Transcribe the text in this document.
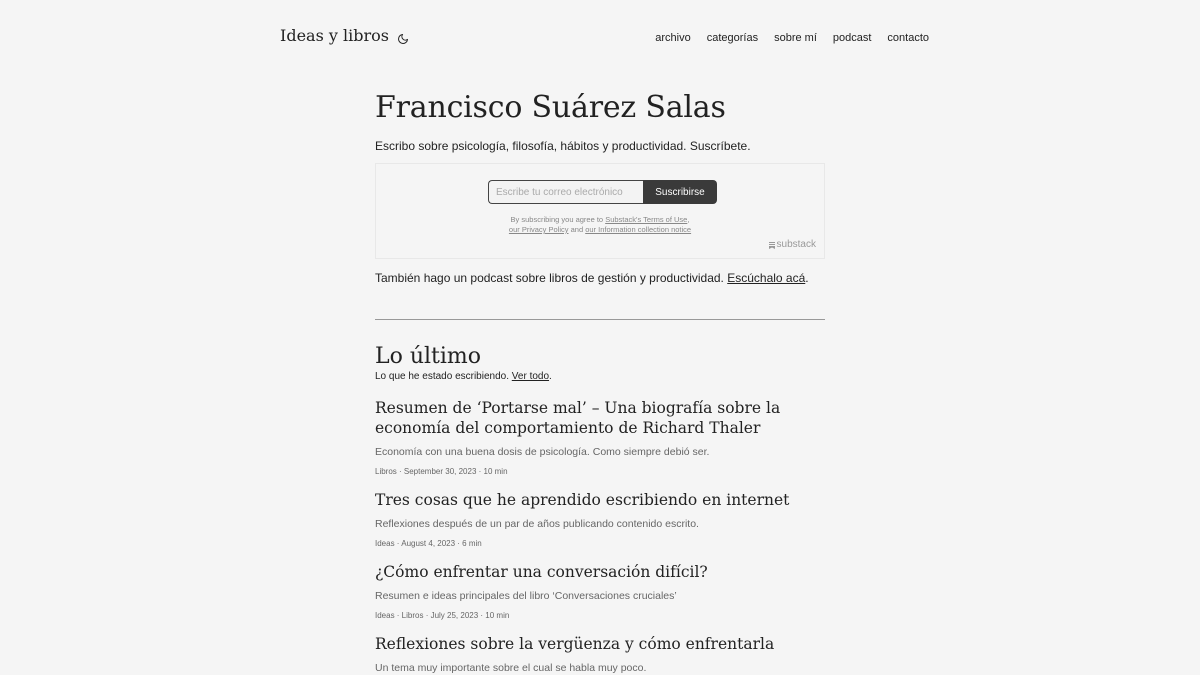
Ideas y libros	archivo categorías sobre mí podcast contacto
Francisco Suárez Salas
Escribo sobre psicología, filosofía, hábitos y productividad. Suscríbete.
Escribe tu correo electrónico
Suscribirse
By subscribing you agree to Substack's Terms of Use,
our Privacy Policy and our Information collection notice
substack
También hago un podcast sobre libros de gestión y productividad. Escúchalo acá.
Lo último
Lo que he estado escribiendo. Ver todo.
Resumen de ‘Portarse mal’ – Una biografía sobre la economía del comportamiento de Richard Thaler
Economía con una buena dosis de psicología. Como siempre debió ser.
Libros · September 30, 2023 · 10 min
Tres cosas que he aprendido escribiendo en internet
Reflexiones después de un par de años publicando contenido escrito.
Ideas · August 4, 2023 · 6 min
¿Cómo enfrentar una conversación difícil?
Resumen e ideas principales del libro ‘Conversaciones cruciales’
Ideas · Libros · July 25, 2023 · 10 min
Reflexiones sobre la vergüenza y cómo enfrentarla
Un tema muy importante sobre el cual se habla muy poco.
